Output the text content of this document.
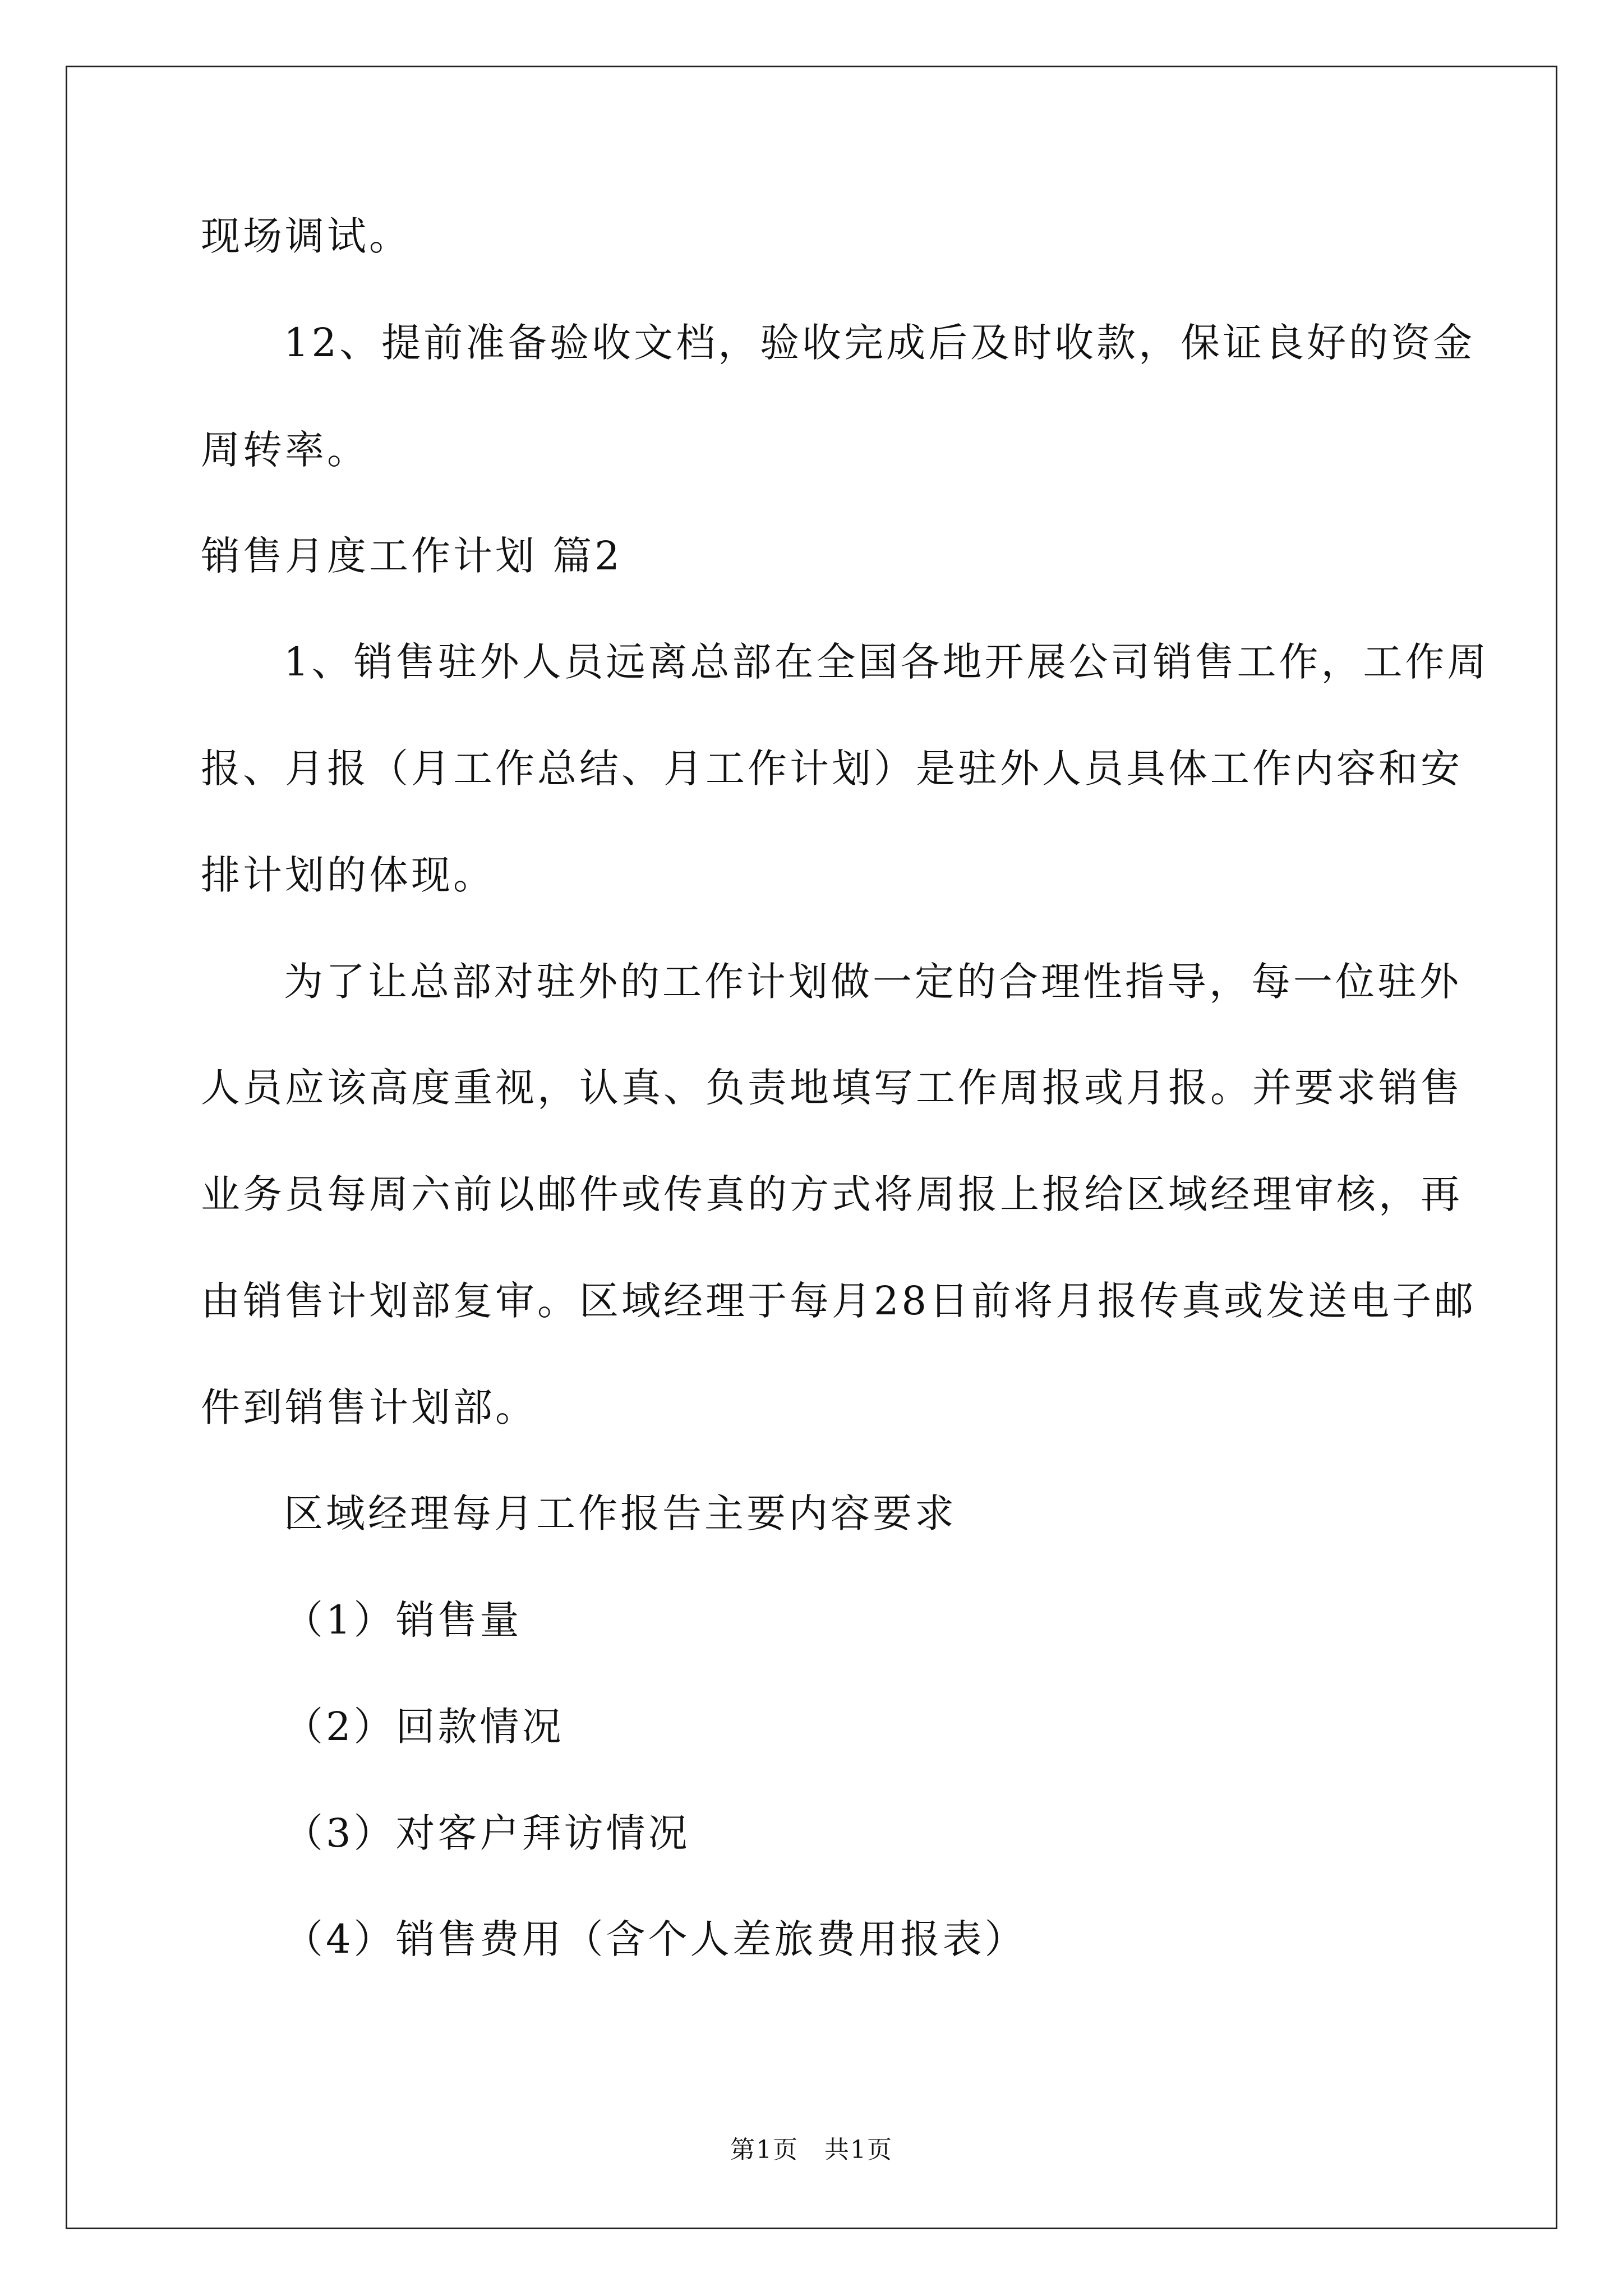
现场调试。
12、提前准备验收文档，验收完成后及时收款，保证良好的资金
周转率。
销售月度工作计划 篇2
1、销售驻外人员远离总部在全国各地开展公司销售工作，工作周
报、月报（月工作总结、月工作计划）是驻外人员具体工作内容和安
排计划的体现。
为了让总部对驻外的工作计划做一定的合理性指导，每一位驻外
人员应该高度重视，认真、负责地填写工作周报或月报。并要求销售
业务员每周六前以邮件或传真的方式将周报上报给区域经理审核，再
由销售计划部复审。区域经理于每月28日前将月报传真或发送电子邮
件到销售计划部。
区域经理每月工作报告主要内容要求
（1）销售量
（2）回款情况
（3）对客户拜访情况
（4）销售费用（含个人差旅费用报表）
第1页　共1页
